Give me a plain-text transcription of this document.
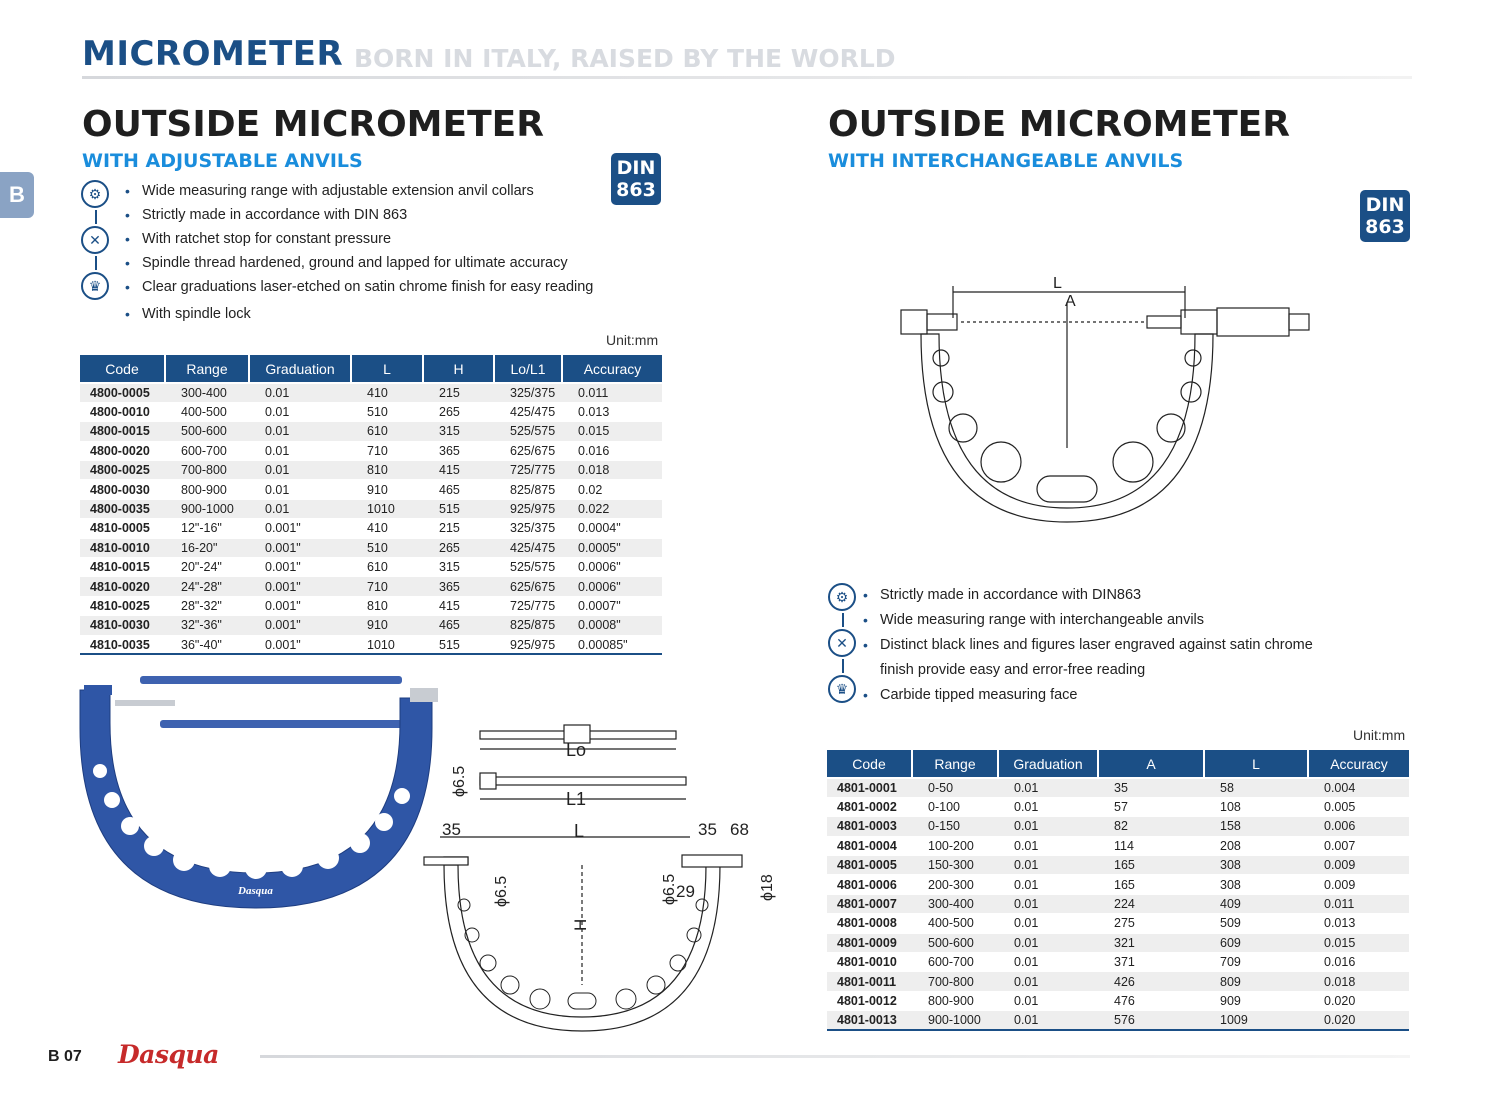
MICROMETER BORN IN ITALY, RAISED BY THE WORLD
B
OUTSIDE MICROMETER
WITH ADJUSTABLE ANVILS	DIN
863
⚙
✕
♛
• Wide measuring range with adjustable extension anvil collars
• Strictly made in accordance with DIN 863
• With ratchet stop for constant pressure
• Spindle thread hardened, ground and lapped for ultimate accuracy
• Clear graduations laser-etched on satin chrome finish for easy reading
• With spindle lock
Unit:mm
Code	Range	Graduation	L	H	Lo/L1	Accuracy
4800-0005	300-400	0.01	410	215	325/375	0.011
4800-0010	400-500	0.01	510	265	425/475	0.013
4800-0015	500-600	0.01	610	315	525/575	0.015
4800-0020	600-700	0.01	710	365	625/675	0.016
4800-0025	700-800	0.01	810	415	725/775	0.018
4800-0030	800-900	0.01	910	465	825/875	0.02
4800-0035	900-1000	0.01	1010	515	925/975	0.022
4810-0005	12"-16"	0.001"	410	215	325/375	0.0004"
4810-0010	16-20"	0.001"	510	265	425/475	0.0005"
4810-0015	20"-24"	0.001"	610	315	525/575	0.0006"
4810-0020	24"-28"	0.001"	710	365	625/675	0.0006"
4810-0025	28"-32"	0.001"	810	415	725/775	0.0007"
4810-0030	32"-36"	0.001"	910	465	825/875	0.0008"
4810-0035	36"-40"	0.001"	1010	515	925/975	0.00085"
Dasqua
Lo
L1
L
35	35 68
29
H
ϕ6.5
ϕ6.5	ϕ6.5	ϕ18
OUTSIDE MICROMETER
WITH INTERCHANGEABLE ANVILS
DIN
863
L
A
⚙
✕
♛
• Strictly made in accordance with DIN863
• Wide measuring range with interchangeable anvils
• Distinct black lines and figures laser engraved against satin chrome
finish provide easy and error-free reading
• Carbide tipped measuring face
Unit:mm
Code	Range	Graduation	A	L	Accuracy
4801-0001	0-50	0.01	35	58	0.004
4801-0002	0-100	0.01	57	108	0.005
4801-0003	0-150	0.01	82	158	0.006
4801-0004	100-200	0.01	114	208	0.007
4801-0005	150-300	0.01	165	308	0.009
4801-0006	200-300	0.01	165	308	0.009
4801-0007	300-400	0.01	224	409	0.011
4801-0008	400-500	0.01	275	509	0.013
4801-0009	500-600	0.01	321	609	0.015
4801-0010	600-700	0.01	371	709	0.016
4801-0011	700-800	0.01	426	809	0.018
4801-0012	800-900	0.01	476	909	0.020
4801-0013	900-1000	0.01	576	1009	0.020
B 07 Dasqua
